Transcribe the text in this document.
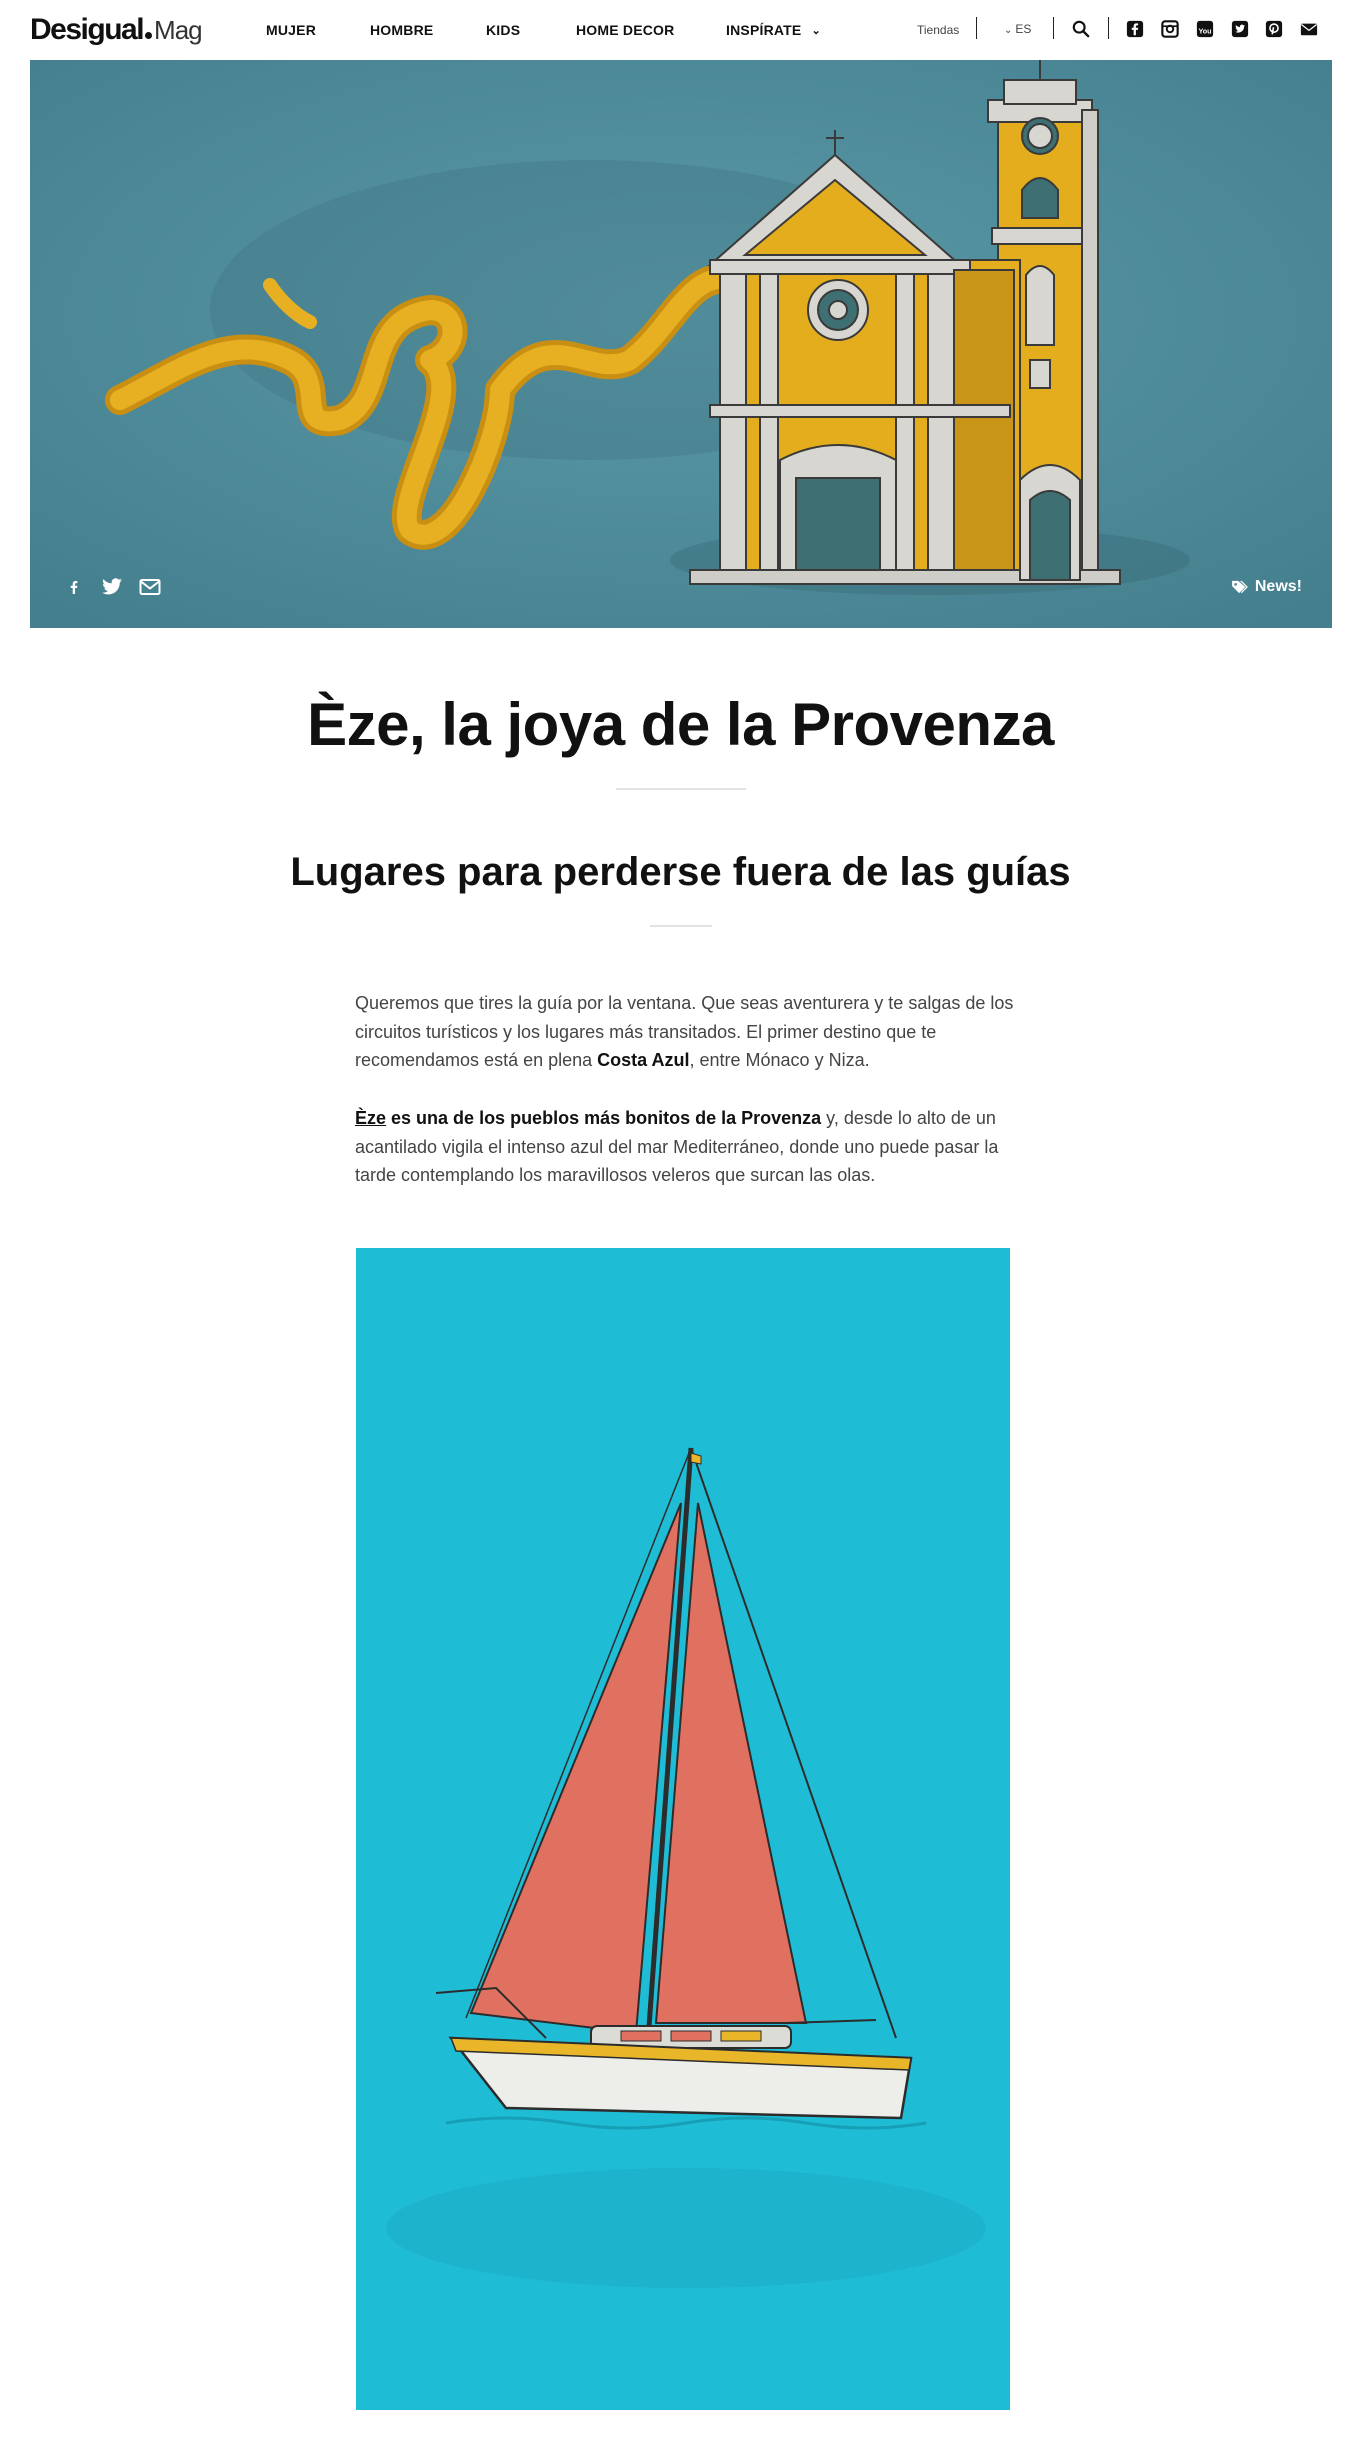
Desigual Mag	MUJER	HOMBRE	KIDS	HOME DECOR	INSPÍRATE ⌄	Tiendas	⌄ ES	You
News!
Èze, la joya de la Provenza
Lugares para perderse fuera de las guías

Queremos que tires la guía por la ventana. Que seas aventurera y te salgas de los circuitos turísticos y los lugares más transitados. El primer destino que te recomendamos está en plena Costa Azul, entre Mónaco y Niza.

Èze es una de los pueblos más bonitos de la Provenza y, desde lo alto de un acantilado vigila el intenso azul del mar Mediterráneo, donde uno puede pasar la tarde contemplando los maravillosos veleros que surcan las olas.
